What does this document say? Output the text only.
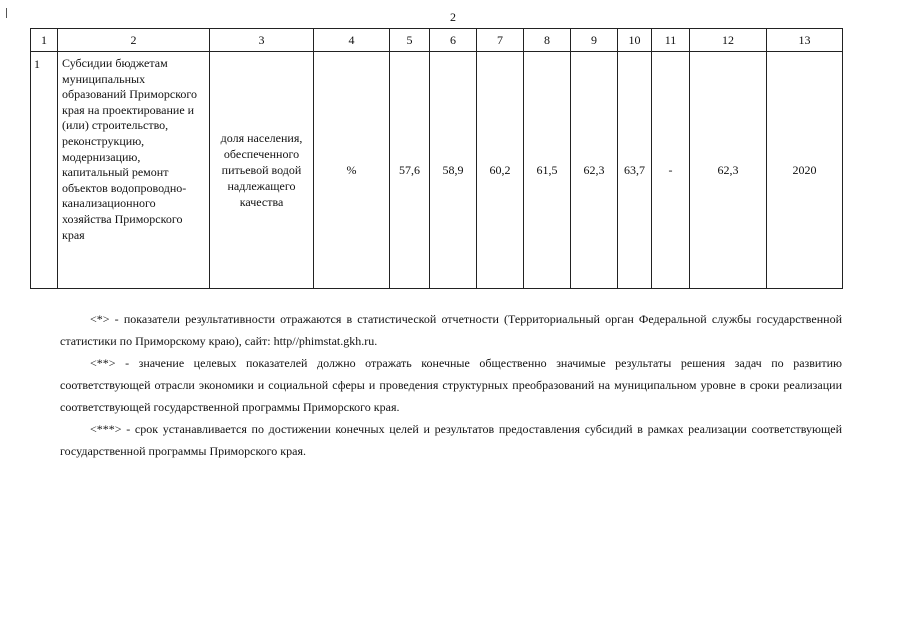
2
1	2	3	4	5	6	7	8	9	10	11	12	13
1	Субсидии бюджетам муниципальных образований Приморского края на проектирование и (или) строительство, реконструкцию, модернизацию, капитальный ремонт объектов водопроводно-канализационного хозяйства Приморского края	доля населения, обеспеченного питьевой водой надлежащего качества	%	57,6	58,9	60,2	61,5	62,3	63,7	-	62,3	2020

<*> - показатели результативности отражаются в статистической отчетности (Территориальный орган Федеральной службы государственной статистики по Приморскому краю), сайт: http//phimstat.gkh.ru.

<**> - значение целевых показателей должно отражать конечные общественно значимые результаты решения задач по развитию соответствующей отрасли экономики и социальной сферы и проведения структурных преобразований на муниципальном уровне в сроки реализации соответствующей государственной программы Приморского края.

<***> - срок устанавливается по достижении конечных целей и результатов предоставления субсидий в рамках реализации соответствующей государственной программы Приморского края.
